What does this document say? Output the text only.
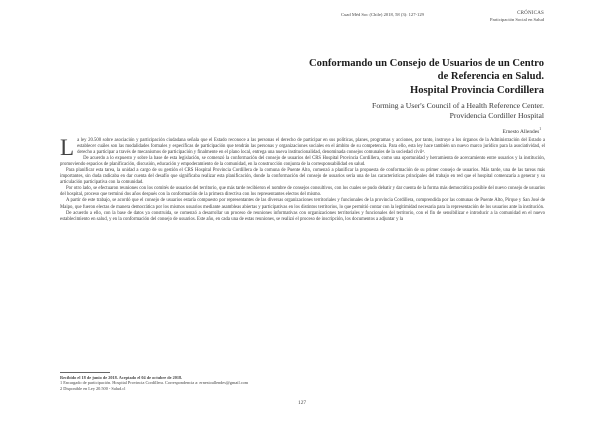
Cuad Méd Soc (Chile) 2018, 58 (3): 127-129	CRÓNICAS
Participación Social en Salud
Conformando un Consejo de Usuarios de un Centro
de Referencia en Salud.
Hospital Provincia Cordillera
Forming a User's Council of a Health Reference Center.
Providencia Cordiller Hospital
Ernesto Allendes$^1$

La ley 20.500 sobre asociación y participación ciudadana señala que el Estado reconoce a las personas el derecho de participar en sus políticas, planes, programas y acciones, por tanto, instruye a los órganos de la Administración del Estado a establecer cuáles son las modalidades formales y específicas de participación que tendrán las personas y organizaciones sociales en el ámbito de su competencia. Para ello, esta ley hace también un nuevo marco jurídico para la asociatividad, el derecho a participar a través de mecanismos de participación y finalmente en el plano local, entrega una nueva institucionalidad, denominada consejos comunales de la sociedad civil².

De acuerdo a lo expuesto y sobre la base de esta legislación, se comenzó la conformación del consejo de usuarios del CRS Hospital Provincia Cordillera, como una oportunidad y herramienta de acercamiento entre usuarios y la institución, promoviendo espacios de planificación, discusión, educación y empoderamiento de la comunidad, en la construcción conjunta de la corresponsabilidad en salud.

Para planificar esta tarea, la unidad a cargo de su gestión el CRS Hospital Provincia Cordillera de la comuna de Puente Alto, comenzó a planificar la propuesta de conformación de su primer consejo de usuarios. Más tarde, una de las tareas más importantes, sin duda radicaba en dar cuenta del desafío que significaba realizar esta planificación, donde la conformación del consejo de usuarios sería una de las características principales del trabajo en red que el hospital comenzaría a generar y su articulación participativa con la comunidad.

Por otro lado, se efectuaron reuniones con los comités de usuarios del territorio, que más tarde recibieron el nombre de consejos consultivos, con los cuales se pudo debatir y dar cuenta de la forma más democrática posible del nuevo consejo de usuarios del hospital, proceso que terminó dos años después con la conformación de la primera directiva con los representantes electos del mismo.

A partir de este trabajo, se acordó que el consejo de usuarios estaría compuesto por representantes de las diversas organizaciones territoriales y funcionales de la provincia Cordillera, comprendida por las comunas de Puente Alto, Pirque y San José de Maipo, que fueron electas de manera democrática por los mismos usuarios mediante asambleas abiertas y participativas en los distintos territorios, lo que permitió contar con la legitimidad necesaria para la representación de los usuarios ante la institución.

De acuerdo a ello, con la base de datos ya construida, se comenzó a desarrollar un proceso de reuniones informativas con organizaciones territoriales y funcionales del territorio, con el fin de sensibilizar e introducir a la comunidad en el nuevo establecimiento en salud, y en la conformación del consejo de usuarios. Este año, en cada una de estas reuniones, se realizó el proceso de inscripción, los documentos a adjuntar y la

Recibido el 18 de junio de 2018. Aceptado el 04 de octubre de 2018.
1 Encargado de participación. Hospital Provincia Cordillera. Correspondencia a: ernestoallendes@gmail.com
2 Disponible en Ley 20.500 - Salud.cl
127
